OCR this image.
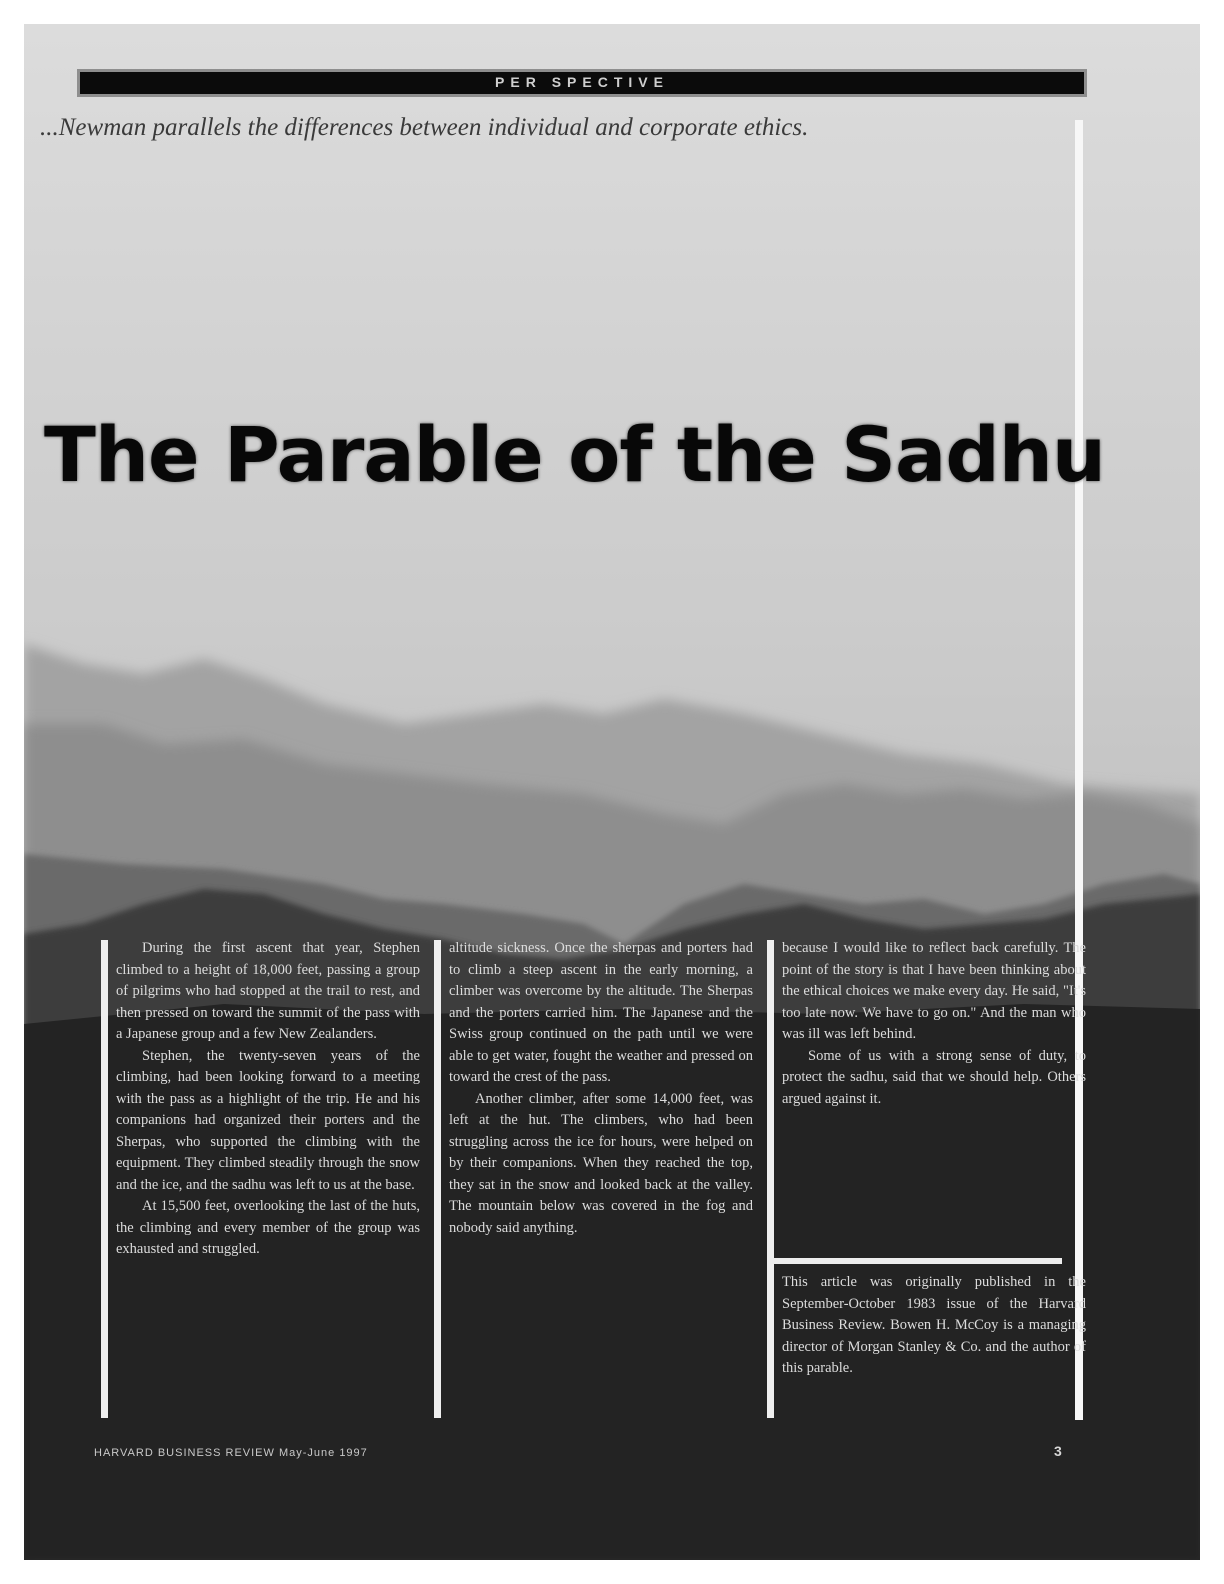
PER SPECTIVE
...Newman parallels the differences between individual and corporate ethics.
The Parable of the Sadhu

During the first ascent that year, Stephen climbed to a height of 18,000 feet, passing a group of pilgrims who had stopped at the trail to rest, and then pressed on toward the summit of the pass with a Japanese group and a few New Zealanders.

Stephen, the twenty-seven years of the climbing, had been looking forward to a meeting with the pass as a highlight of the trip. He and his companions had organized their porters and the Sherpas, who supported the climbing with the equipment. They climbed steadily through the snow and the ice, and the sadhu was left to us at the base.

At 15,500 feet, overlooking the last of the huts, the climbing and every member of the group was exhausted and struggled.

altitude sickness. Once the sherpas and porters had to climb a steep ascent in the early morning, a climber was overcome by the altitude. The Sherpas and the porters carried him. The Japanese and the Swiss group continued on the path until we were able to get water, fought the weather and pressed on toward the crest of the pass.

Another climber, after some 14,000 feet, was left at the hut. The climbers, who had been struggling across the ice for hours, were helped on by their companions. When they reached the top, they sat in the snow and looked back at the valley. The mountain below was covered in the fog and nobody said anything.

because I would like to reflect back carefully. The point of the story is that I have been thinking about the ethical choices we make every day. He said, "It's too late now. We have to go on." And the man who was ill was left behind.

Some of us with a strong sense of duty, to protect the sadhu, said that we should help. Others argued against it.

This article was originally published in the September-October 1983 issue of the Harvard Business Review. Bowen H. McCoy is a managing director of Morgan Stanley & Co. and the author of this parable.

HARVARD BUSINESS REVIEW May-June 1997	3
